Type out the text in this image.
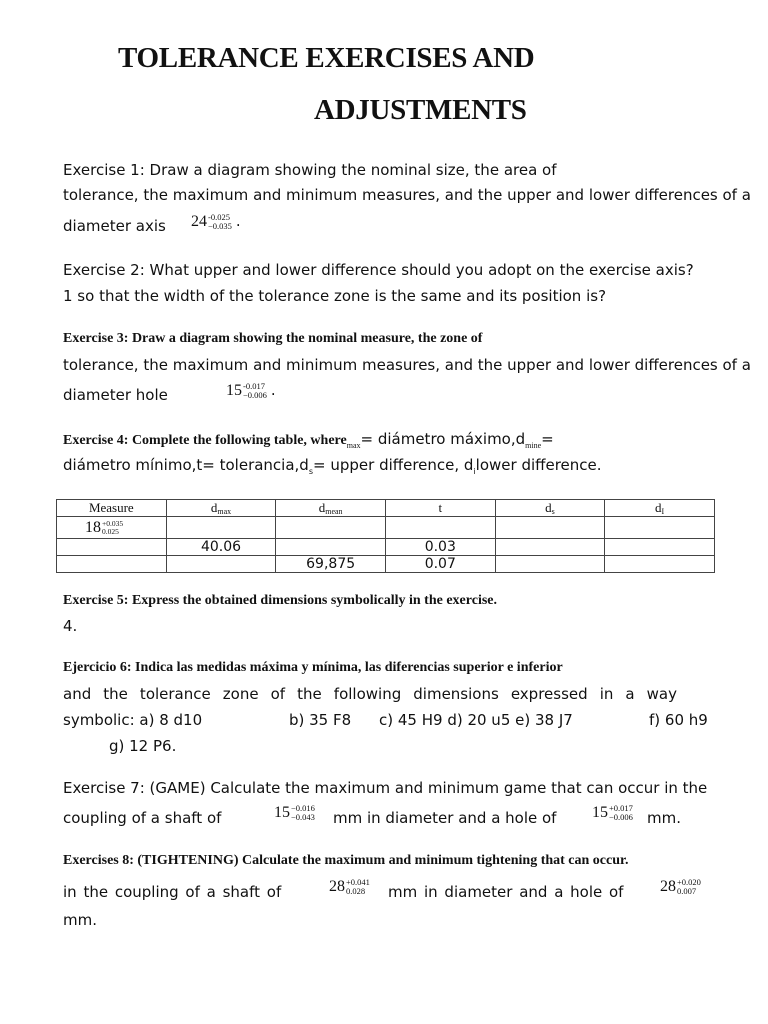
TOLERANCE EXERCISES AND
ADJUSTMENTS
Exercise 1: Draw a diagram showing the nominal size, the area of
tolerance, the maximum and minimum measures, and the upper and lower differences of a
diameter axis 24 -0.025
−0.035 .
Exercise 2: What upper and lower difference should you adopt on the exercise axis?
1 so that the width of the tolerance zone is the same and its position is?
Exercise 3: Draw a diagram showing the nominal measure, the zone of
tolerance, the maximum and minimum measures, and the upper and lower differences of a
diameter hole	15 -0.017
−0.006 .
Exercise 4: Complete the following table, where$_{max}$= diámetro $máximo,d_{mine}=$
diámetro mínimo,t= $tolerancia,d_s=$ upper difference, $d_ilower$ difference.
Measure	dmax	dmean	t	ds	dI
18 +0.035
0.025					

	40.06		0.03		
		69,875	0.07		
Exercise 5: Express the obtained dimensions symbolically in the exercise.
4.
Ejercicio 6: Indica las medidas máxima y mínima, las diferencias superior e inferior
and the tolerance zone of the following dimensions expressed in a way
symbolic: a) 8 d10	b) 35 F8 c) 45 H9 d) 20 u5 e) 38 J7	f) 60 h9
g) 12 P6.
Exercise 7: (GAME) Calculate the maximum and minimum game that can occur in the
coupling of a shaft of	15 −0.016
−0.043 mm in diameter and a hole of 15 +0.017
−0.006 mm.
Exercises 8: (TIGHTENING) Calculate the maximum and minimum tightening that can occur.
in the coupling of a shaft of	28 +0.041
0.028	mm in diameter and a hole of 28 +0.020
0.007
mm.
